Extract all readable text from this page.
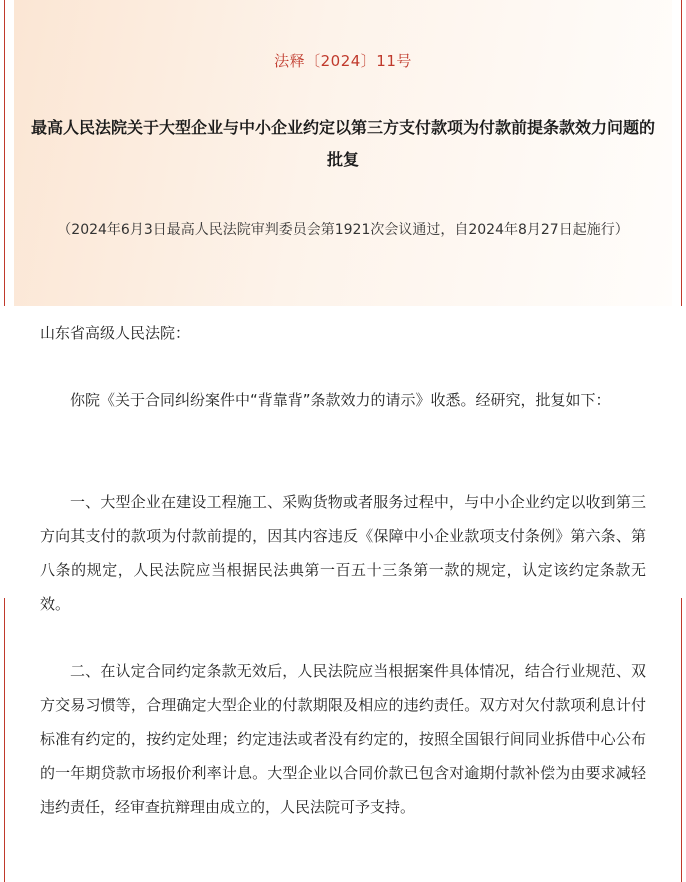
法释〔2024〕11号
最高人民法院关于大型企业与中小企业约定以第三方支付款项为付款前提条款效力问题的批复
（2024年6月3日最高人民法院审判委员会第1921次会议通过，自2024年8月27日起施行）
山东省高级人民法院：
你院《关于合同纠纷案件中“背靠背”条款效力的请示》收悉。经研究，批复如下：
一、大型企业在建设工程施工、采购货物或者服务过程中，与中小企业约定以收到第三方向其支付的款项为付款前提的，因其内容违反《保障中小企业款项支付条例》第六条、第八条的规定，人民法院应当根据民法典第一百五十三条第一款的规定，认定该约定条款无效。
二、在认定合同约定条款无效后，人民法院应当根据案件具体情况，结合行业规范、双方交易习惯等，合理确定大型企业的付款期限及相应的违约责任。双方对欠付款项利息计付标准有约定的，按约定处理；约定违法或者没有约定的，按照全国银行间同业拆借中心公布的一年期贷款市场报价利率计息。大型企业以合同价款已包含对逾期付款补偿为由要求减轻违约责任，经审查抗辩理由成立的，人民法院可予支持。
